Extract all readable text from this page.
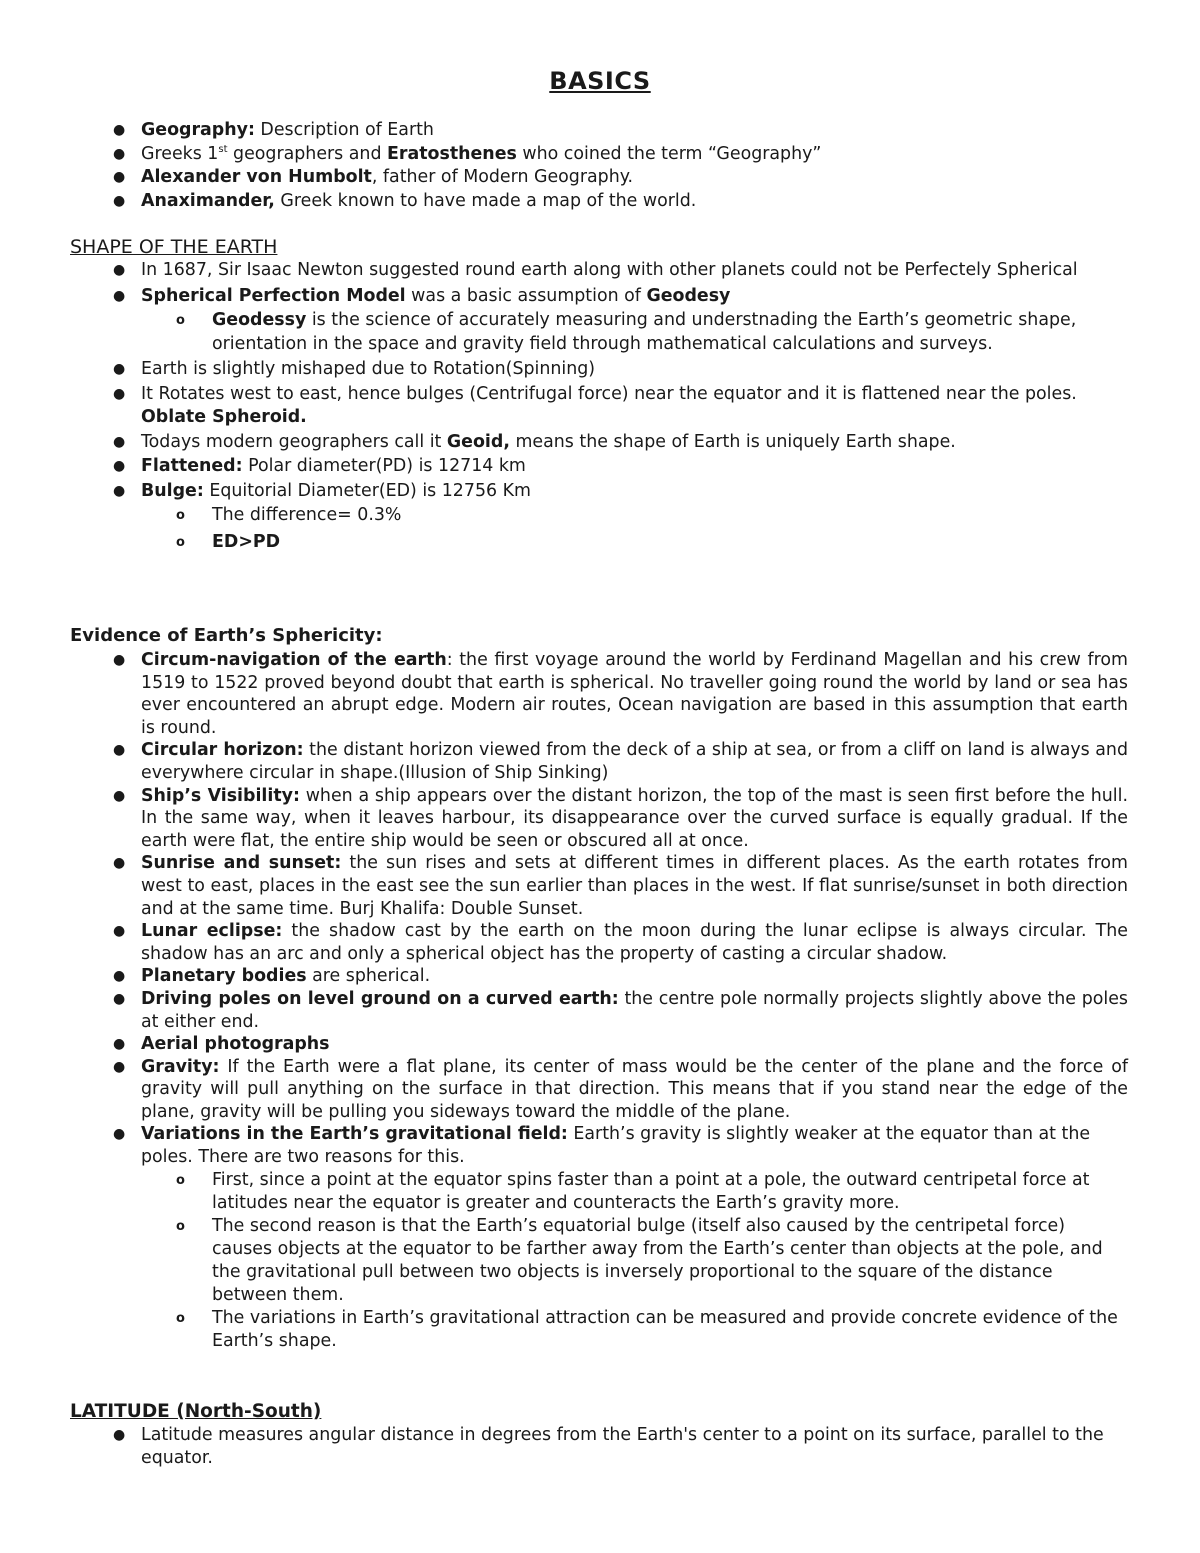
BASICS
● Geography: Description of Earth
● Greeks 1st geographers and Eratosthenes who coined the term “Geography”
● Alexander von Humbolt, father of Modern Geography.
● Anaximander, Greek known to have made a map of the world.
SHAPE OF THE EARTH
● In 1687, Sir Isaac Newton suggested round earth along with other planets could not be Perfectely Spherical
● Spherical Perfection Model was a basic assumption of Geodesy
o Geodessy is the science of accurately measuring and understnading the Earth’s geometric shape, orientation in the space and gravity field through mathematical calculations and surveys.
● Earth is slightly mishaped due to Rotation(Spinning)
● It Rotates west to east, hence bulges (Centrifugal force) near the equator and it is flattened near the poles. Oblate Spheroid.
● Todays modern geographers call it Geoid, means the shape of Earth is uniquely Earth shape.
● Flattened: Polar diameter(PD) is 12714 km
● Bulge: Equitorial Diameter(ED) is 12756 Km
o The difference= 0.3%
o ED>PD
Evidence of Earth’s Sphericity:
● Circum-navigation of the earth: the first voyage around the world by Ferdinand Magellan and his crew from 1519 to 1522 proved beyond doubt that earth is spherical. No traveller going round the world by land or sea has ever encountered an abrupt edge. Modern air routes, Ocean navigation are based in this assumption that earth is round.
● Circular horizon: the distant horizon viewed from the deck of a ship at sea, or from a cliff on land is always and everywhere circular in shape.(Illusion of Ship Sinking)
● Ship’s Visibility: when a ship appears over the distant horizon, the top of the mast is seen first before the hull. In the same way, when it leaves harbour, its disappearance over the curved surface is equally gradual. If the earth were flat, the entire ship would be seen or obscured all at once.
● Sunrise and sunset: the sun rises and sets at different times in different places. As the earth rotates from west to east, places in the east see the sun earlier than places in the west. If flat sunrise/sunset in both direction and at the same time. Burj Khalifa: Double Sunset.
● Lunar eclipse: the shadow cast by the earth on the moon during the lunar eclipse is always circular. The shadow has an arc and only a spherical object has the property of casting a circular shadow.
● Planetary bodies are spherical.
● Driving poles on level ground on a curved earth: the centre pole normally projects slightly above the poles at either end.
● Aerial photographs
● Gravity: If the Earth were a flat plane, its center of mass would be the center of the plane and the force of gravity will pull anything on the surface in that direction. This means that if you stand near the edge of the plane, gravity will be pulling you sideways toward the middle of the plane.
● Variations in the Earth’s gravitational field: Earth’s gravity is slightly weaker at the equator than at the poles. There are two reasons for this.
o First, since a point at the equator spins faster than a point at a pole, the outward centripetal force at latitudes near the equator is greater and counteracts the Earth’s gravity more.
o The second reason is that the Earth’s equatorial bulge (itself also caused by the centripetal force) causes objects at the equator to be farther away from the Earth’s center than objects at the pole, and the gravitational pull between two objects is inversely proportional to the square of the distance between them.
o The variations in Earth’s gravitational attraction can be measured and provide concrete evidence of the Earth’s shape.
LATITUDE (North-South)
● Latitude measures angular distance in degrees from the Earth's center to a point on its surface, parallel to the equator.
